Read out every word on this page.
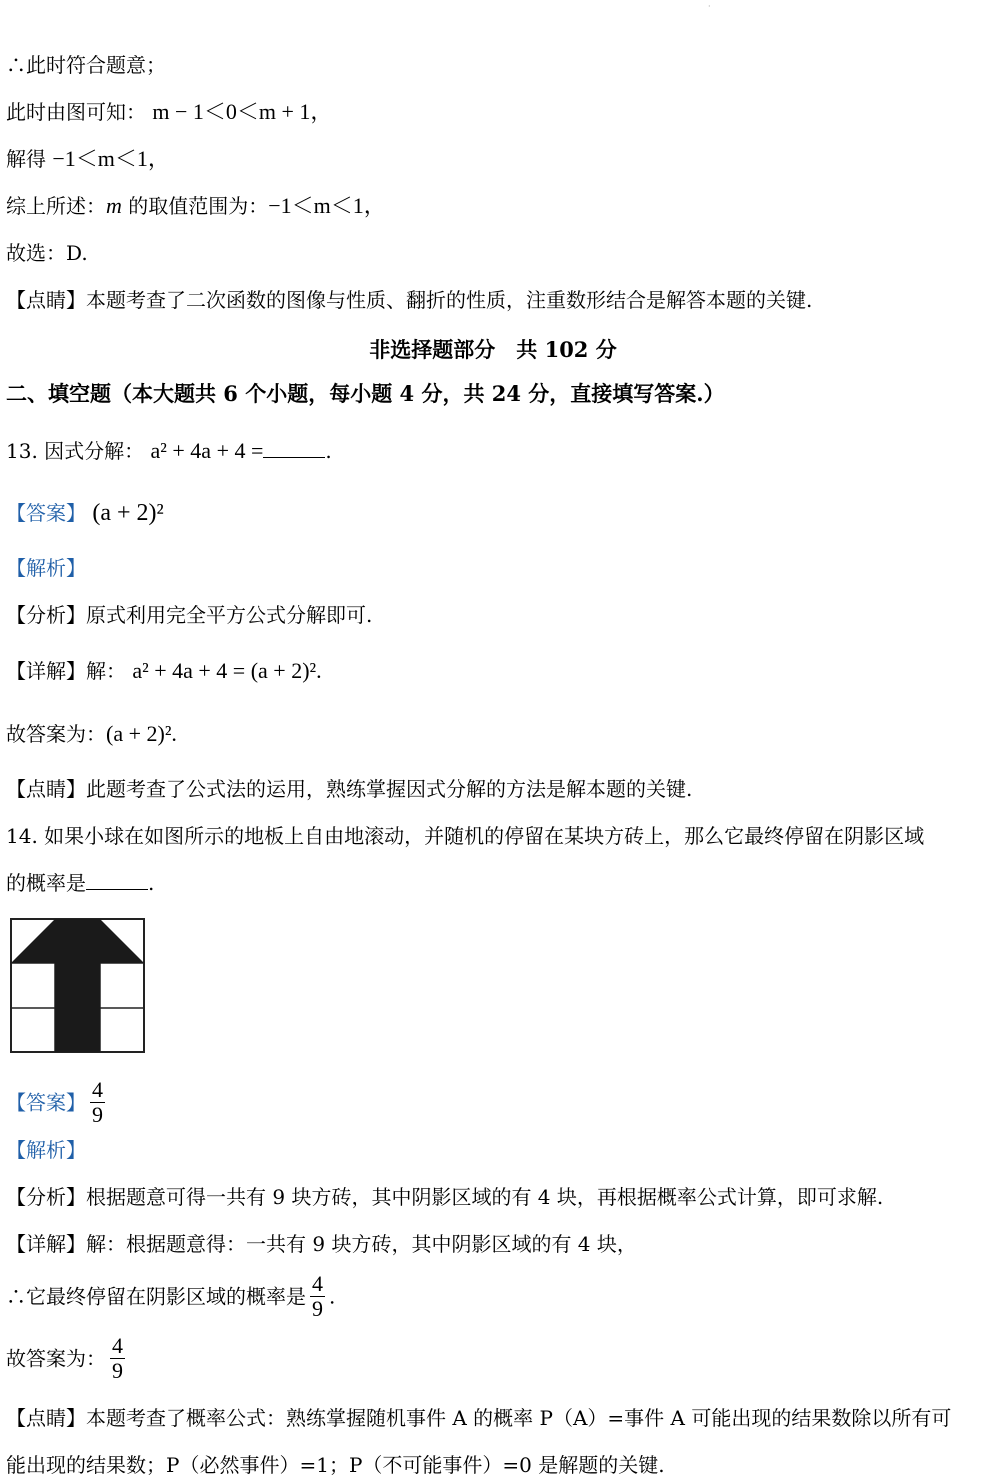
·
∴此时符合题意；
此时由图可知： m − 1＜0＜m + 1，
解得 −1＜m＜1，
综上所述：m 的取值范围为：−1＜m＜1，
故选：D.
【点睛】本题考查了二次函数的图像与性质、翻折的性质，注重数形结合是解答本题的关键.
非选择题部分　共 102 分
二、填空题（本大题共 6 个小题，每小题 4 分，共 24 分，直接填写答案.）
13. 因式分解： a² + 4a + 4 =	.
【答案】 (a + 2)²
【解析】
【分析】原式利用完全平方公式分解即可.
【详解】解： a² + 4a + 4 = (a + 2)².
故答案为：(a + 2)².
【点睛】此题考查了公式法的运用，熟练掌握因式分解的方法是解本题的关键.
14. 如果小球在如图所示的地板上自由地滚动，并随机的停留在某块方砖上，那么它最终停留在阴影区域
的概率是	.
【答案】 $\frac{4}{9}$
【解析】
【分析】根据题意可得一共有 9 块方砖，其中阴影区域的有 4 块，再根据概率公式计算，即可求解.
【详解】解：根据题意得：一共有 9 块方砖，其中阴影区域的有 4 块，
∴它最终停留在阴影区域的概率是 $\frac{4}{9}$ .
故答案为： $\frac{4}{9}$
【点睛】本题考查了概率公式：熟练掌握随机事件 A 的概率 P（A）=事件 A 可能出现的结果数除以所有可
能出现的结果数；P（必然事件）=1；P（不可能事件）=0 是解题的关键.
